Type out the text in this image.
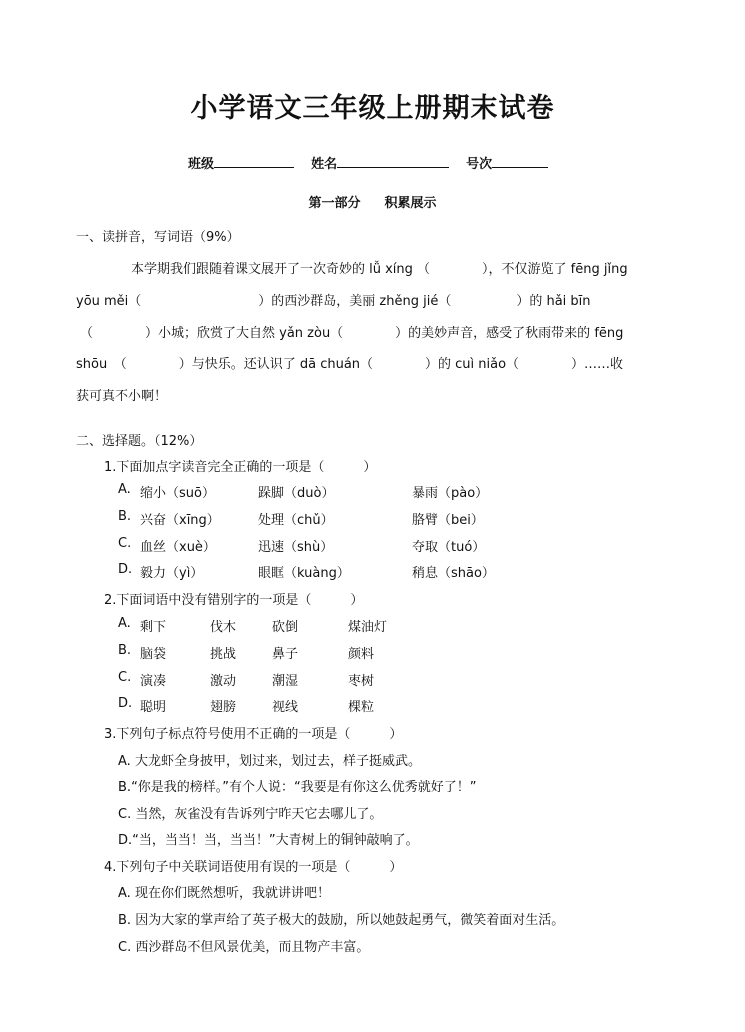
小学语文三年级上册期末试卷
班级	姓名	号次
第一部分 积累展示
一、读拼音，写词语（9%）
本学期我们跟随着课文展开了一次奇妙的 lǚ xíng （　　　　），不仅游览了 fēng jǐng
yōu měi（　　　　　　　　　）的西沙群岛，美丽 zhěng jié（　　　　　）的 hǎi bīn
（　　　　）小城；欣赏了大自然 yǎn zòu（　　　　）的美妙声音，感受了秋雨带来的 fēng
shōu　（　　　　）与快乐。还认识了 dā chuán（　　　　）的 cuì niǎo（　　　　）……收
获可真不小啊！
二、选择题。（12%）
1.下面加点字读音完全正确的一项是（　　　）
A. 缩小（suō）	跺脚（duò）	暴雨（pào）
B. 兴奋（xīng）	处理（chǔ）	胳臂（bei）
C. 血丝（xuè）	迅速（shù）	夺取（tuó）
D. 毅力（yì）	眼眶（kuàng）	稍息（shāo）
2.下面词语中没有错别字的一项是（　　　）
A. 剩下	伐木	砍倒	煤油灯
B. 脑袋	挑战	鼻子	颜料
C. 演凑	激动	潮湿	枣树
D. 聪明	翅膀	视线	棵粒
3.下列句子标点符号使用不正确的一项是（　　　）
A. 大龙虾全身披甲，划过来，划过去，样子挺威武。
B.“你是我的榜样。”有个人说：“我要是有你这么优秀就好了！”
C. 当然，灰雀没有告诉列宁昨天它去哪儿了。
D.“当，当当！当，当当！”大青树上的铜钟敲响了。
4.下列句子中关联词语使用有误的一项是（　　　）
A. 现在你们既然想听，我就讲讲吧！
B. 因为大家的掌声给了英子极大的鼓励，所以她鼓起勇气，微笑着面对生活。
C. 西沙群岛不但风景优美，而且物产丰富。
